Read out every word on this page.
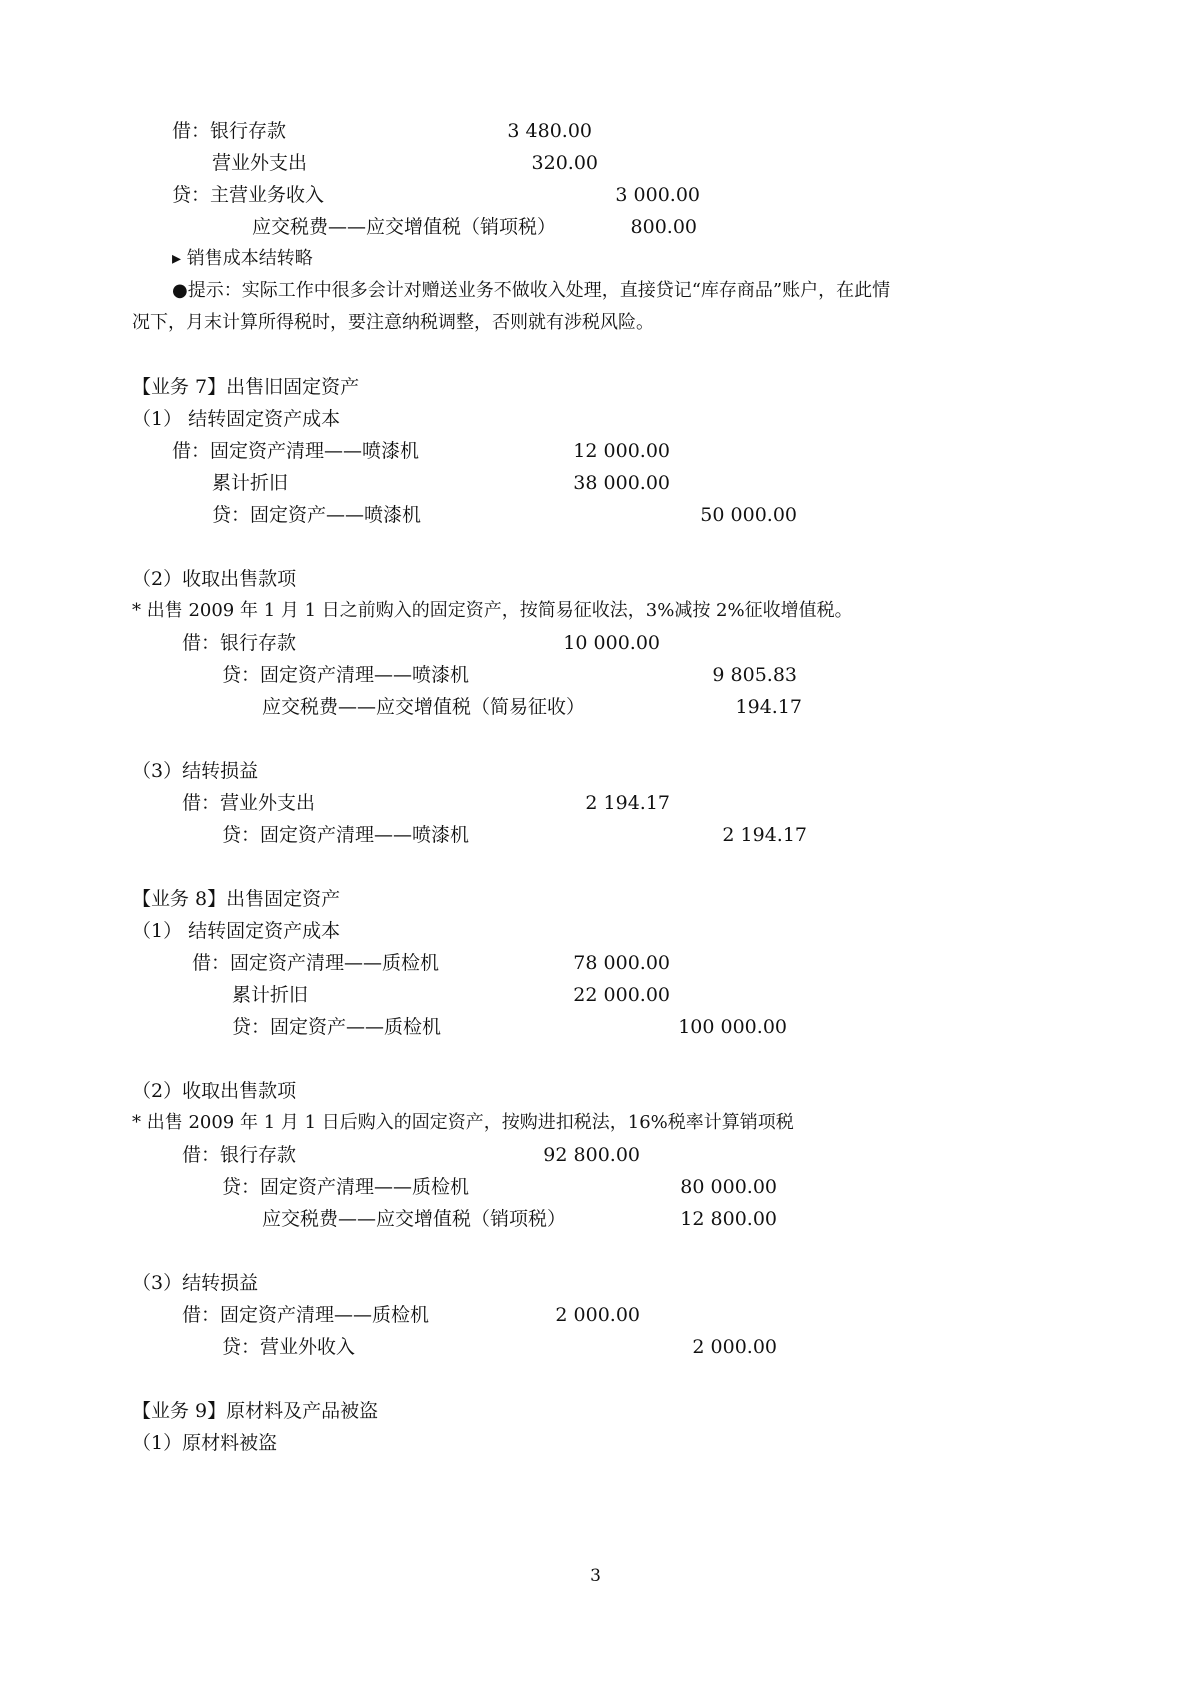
借：银行存款	3 480.00
营业外支出	320.00
贷：主营业务收入	3 000.00
应交税费——应交增值税（销项税）	800.00
▸ 销售成本结转略
●提示：实际工作中很多会计对赠送业务不做收入处理，直接贷记“库存商品”账户，在此情
况下，月末计算所得税时，要注意纳税调整，否则就有涉税风险。
【业务 7】出售旧固定资产
（1） 结转固定资产成本
借：固定资产清理——喷漆机	12 000.00
累计折旧	38 000.00
贷：固定资产——喷漆机	50 000.00
（2）收取出售款项
* 出售 2009 年 1 月 1 日之前购入的固定资产，按简易征收法，3%减按 2%征收增值税。
借：银行存款	10 000.00
贷：固定资产清理——喷漆机	9 805.83
应交税费——应交增值税（简易征收）	194.17
（3）结转损益
借：营业外支出	2 194.17
贷：固定资产清理——喷漆机	2 194.17
【业务 8】出售固定资产
（1） 结转固定资产成本
借：固定资产清理——质检机	78 000.00
累计折旧	22 000.00
贷：固定资产——质检机	100 000.00
（2）收取出售款项
* 出售 2009 年 1 月 1 日后购入的固定资产，按购进扣税法，16%税率计算销项税
借：银行存款	92 800.00
贷：固定资产清理——质检机	80 000.00
应交税费——应交增值税（销项税）	12 800.00
（3）结转损益
借：固定资产清理——质检机	2 000.00
贷：营业外收入	2 000.00
【业务 9】原材料及产品被盗
（1）原材料被盗
3
